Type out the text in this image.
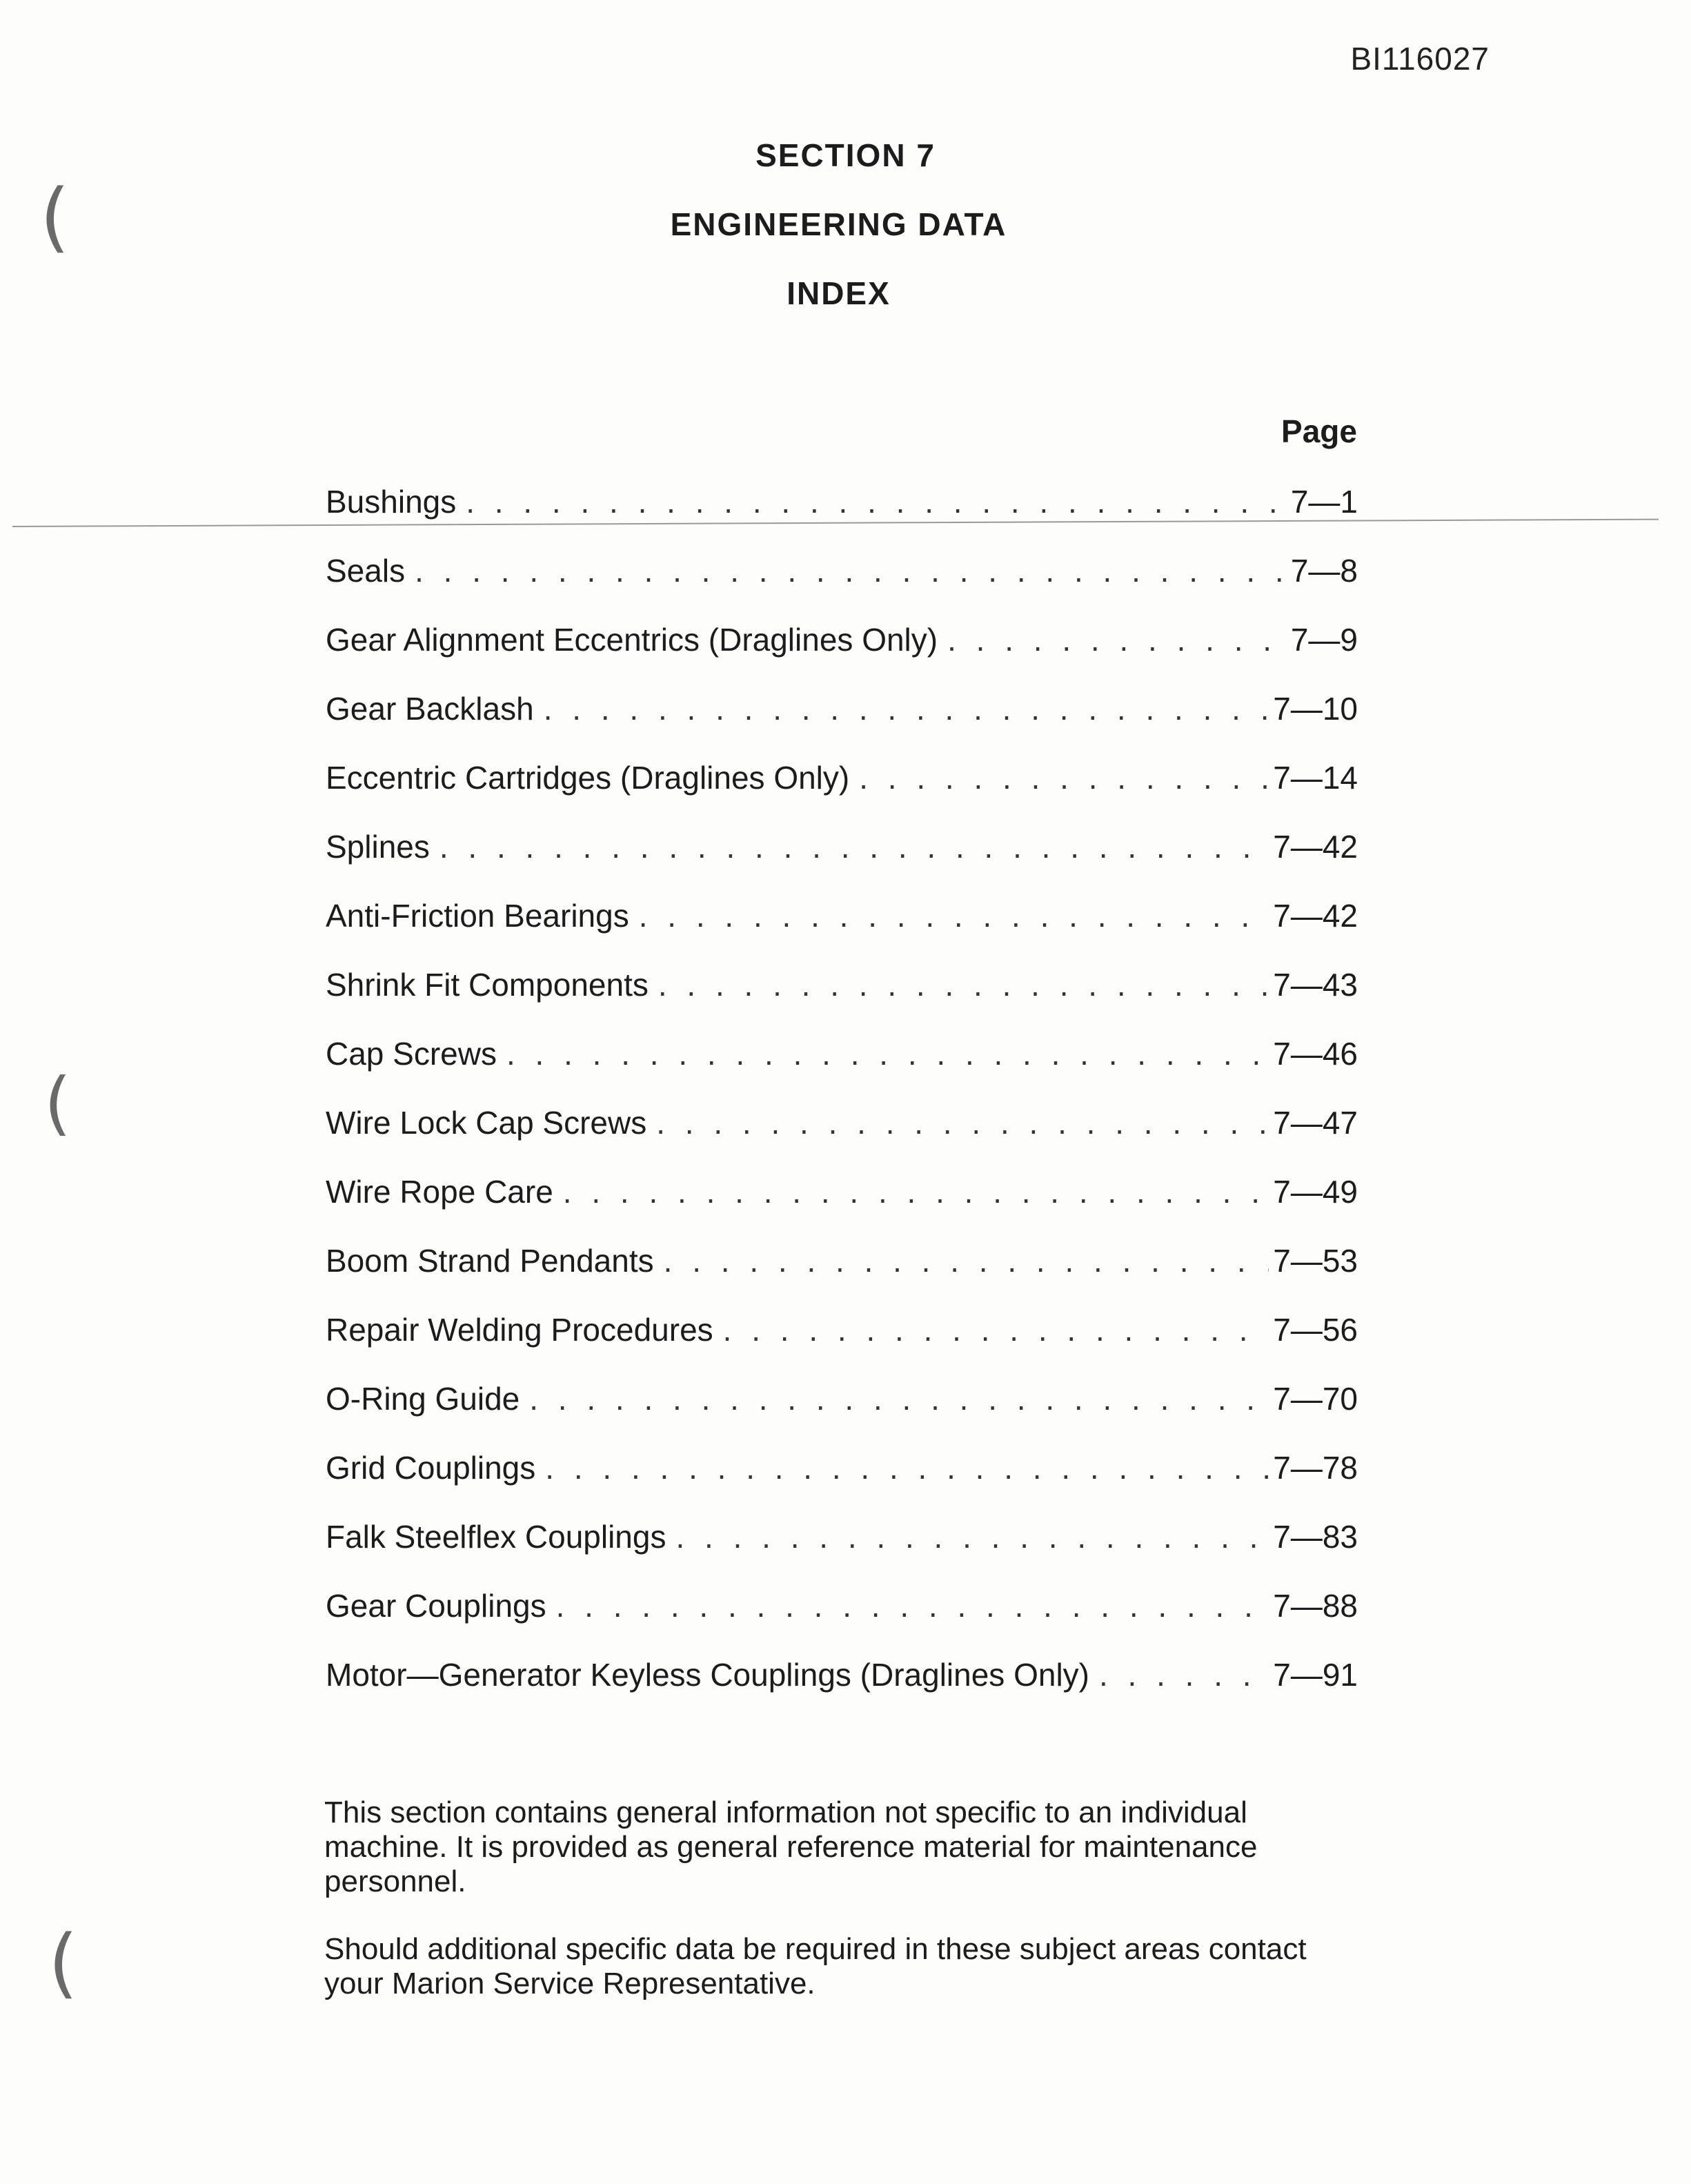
BI116027
SECTION 7
ENGINEERING DATA
INDEX
Page
Bushings . . .	7—1
Seals . . .	7—8
Gear Alignment Eccentrics (Draglines Only) . . .	7—9
Gear Backlash . . .	7—10
Eccentric Cartridges (Draglines Only) . . .	7—14
Splines . . .	7—42
Anti-Friction Bearings . . .	7—42
Shrink Fit Components . . .	7—43
Cap Screws . . .	7—46
Wire Lock Cap Screws . . .	7—47
Wire Rope Care . . .	7—49
Boom Strand Pendants . . .	7—53
Repair Welding Procedures . . .	7—56
O-Ring Guide . . .	7—70
Grid Couplings . . .	7—78
Falk Steelflex Couplings . . .	7—83
Gear Couplings . . .	7—88
Motor—Generator Keyless Couplings (Draglines Only) . . .	7—91

This section contains general information not specific to an individual machine. It is provided as general reference material for maintenance personnel.

Should additional specific data be required in these subject areas contact your Marion Service Representative.

(
(
(
